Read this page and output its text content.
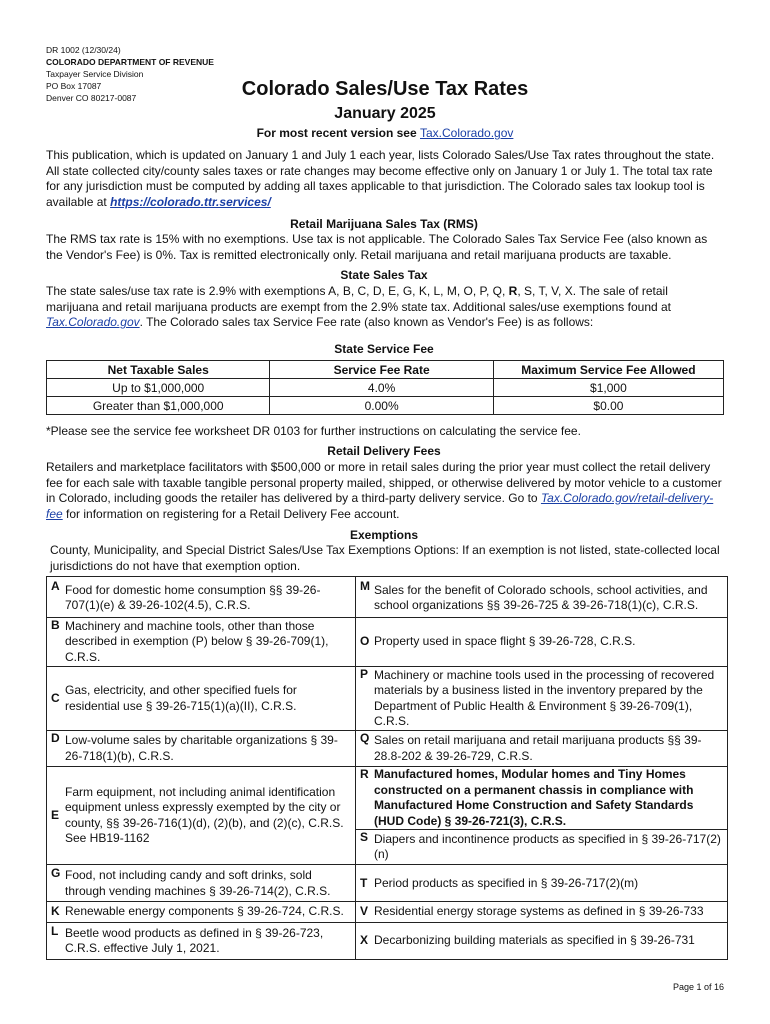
DR 1002 (12/30/24)
COLORADO DEPARTMENT OF REVENUE
Taxpayer Service Division
PO Box 17087
Denver CO 80217-0087	Colorado Sales/Use Tax Rates
January 2025
For most recent version see Tax.Colorado.gov
This publication, which is updated on January 1 and July 1 each year, lists Colorado Sales/Use Tax rates throughout the state. All state collected city/county sales taxes or rate changes may become effective only on January 1 or July 1. The total tax rate for any jurisdiction must be computed by adding all taxes applicable to that jurisdiction. The Colorado sales tax lookup tool is available at https://colorado.ttr.services/
Retail Marijuana Sales Tax (RMS)
The RMS tax rate is 15% with no exemptions. Use tax is not applicable. The Colorado Sales Tax Service Fee (also known as the Vendor's Fee) is 0%. Tax is remitted electronically only. Retail marijuana and retail marijuana products are taxable.
State Sales Tax
The state sales/use tax rate is 2.9% with exemptions A, B, C, D, E, G, K, L, M, O, P, Q, R, S, T, V, X. The sale of retail marijuana and retail marijuana products are exempt from the 2.9% state tax. Additional sales/use exemptions found at Tax.Colorado.gov. The Colorado sales tax Service Fee rate (also known as Vendor's Fee) is as follows:
State Service Fee
Net Taxable Sales	Service Fee Rate	Maximum Service Fee Allowed
Up to $1,000,000	4.0%	$1,000
Greater than $1,000,000	0.00%	$0.00
*Please see the service fee worksheet DR 0103 for further instructions on calculating the service fee.
Retail Delivery Fees
Retailers and marketplace facilitators with $500,000 or more in retail sales during the prior year must collect the retail delivery fee for each sale with taxable tangible personal property mailed, shipped, or otherwise delivered by motor vehicle to a customer in Colorado, including goods the retailer has delivered by a third-party delivery service. Go to Tax.Colorado.gov/retail-delivery-fee for information on registering for a Retail Delivery Fee account.
Exemptions
County, Municipality, and Special District Sales/Use Tax Exemptions Options: If an exemption is not listed, state-collected local jurisdictions do not have that exemption option.
A Food for domestic home consumption §§ 39-26-707(1)(e) & 39-26-102(4.5), C.R.S.
B Machinery and machine tools, other than those described in exemption (P) below § 39-26-709(1), C.R.S.
C
Gas, electricity, and other specified fuels for residential use § 39-26-715(1)(a)(II), C.R.S.
D Low-volume sales by charitable organizations § 39-26-718(1)(b), C.R.S.
E
Farm equipment, not including animal identification equipment unless expressly exempted by the city or county, §§ 39-26-716(1)(d), (2)(b), and (2)(c), C.R.S. See HB19-1162
G Food, not including candy and soft drinks, sold through vending machines § 39-26-714(2), C.R.S.
K Renewable energy components § 39-26-724, C.R.S.
L Beetle wood products as defined in § 39-26-723, C.R.S. effective July 1, 2021.
M Sales for the benefit of Colorado schools, school activities, and school organizations §§ 39-26-725 & 39-26-718(1)(c), C.R.S.
O Property used in space flight § 39-26-728, C.R.S.
P Machinery or machine tools used in the processing of recovered materials by a business listed in the inventory prepared by the Department of Public Health & Environment § 39-26-709(1), C.R.S.
Q Sales on retail marijuana and retail marijuana products §§ 39-28.8-202 & 39-26-729, C.R.S.
R Manufactured homes, Modular homes and Tiny Homes constructed on a permanent chassis in compliance with Manufactured Home Construction and Safety Standards (HUD Code) § 39-26-721(3), C.R.S.
S Diapers and incontinence products as specified in § 39-26-717(2)(n)
T Period products as specified in § 39-26-717(2)(m)
V Residential energy storage systems as defined in § 39-26-733
X Decarbonizing building materials as specified in § 39-26-731
Page 1 of 16
